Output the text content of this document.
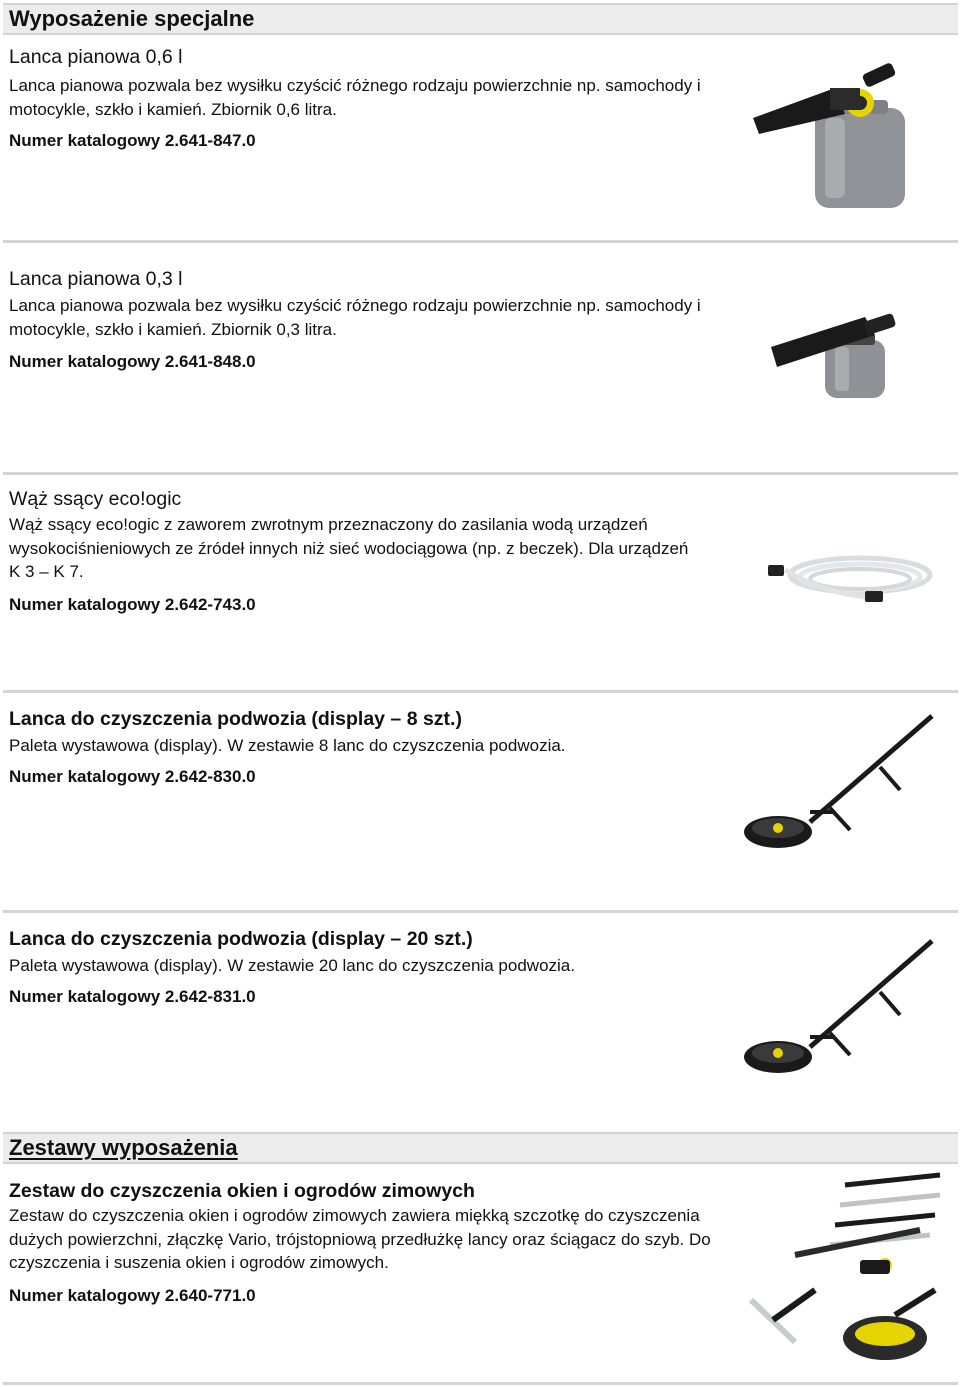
Wyposażenie specjalne
Lanca pianowa 0,6 l
Lanca pianowa pozwala bez wysiłku czyścić różnego rodzaju powierzchnie np. samochody i motocykle, szkło i kamień. Zbiornik 0,6 litra.
Numer katalogowy 2.641-847.0
Lanca pianowa 0,3 l
Lanca pianowa pozwala bez wysiłku czyścić różnego rodzaju powierzchnie np. samochody i motocykle, szkło i kamień. Zbiornik 0,3 litra.
Numer katalogowy 2.641-848.0
Wąż ssący eco!ogic
Wąż ssący eco!ogic z zaworem zwrotnym przeznaczony do zasilania wodą urządzeń wysokociśnieniowych ze źródeł innych niż sieć wodociągowa (np. z beczek). Dla urządzeń K 3 – K 7.
Numer katalogowy 2.642-743.0
Lanca do czyszczenia podwozia (display – 8 szt.)
Paleta wystawowa (display). W zestawie 8 lanc do czyszczenia podwozia.
Numer katalogowy 2.642-830.0
Lanca do czyszczenia podwozia (display – 20 szt.)
Paleta wystawowa (display). W zestawie 20 lanc do czyszczenia podwozia.
Numer katalogowy 2.642-831.0
Zestawy wyposażenia
Zestaw do czyszczenia okien i ogrodów zimowych
Zestaw do czyszczenia okien i ogrodów zimowych zawiera miękką szczotkę do czyszczenia dużych powierzchni, złączkę Vario, trójstopniową przedłużkę lancy oraz ściągacz do szyb. Do czyszczenia i suszenia okien i ogrodów zimowych.
Numer katalogowy 2.640-771.0
